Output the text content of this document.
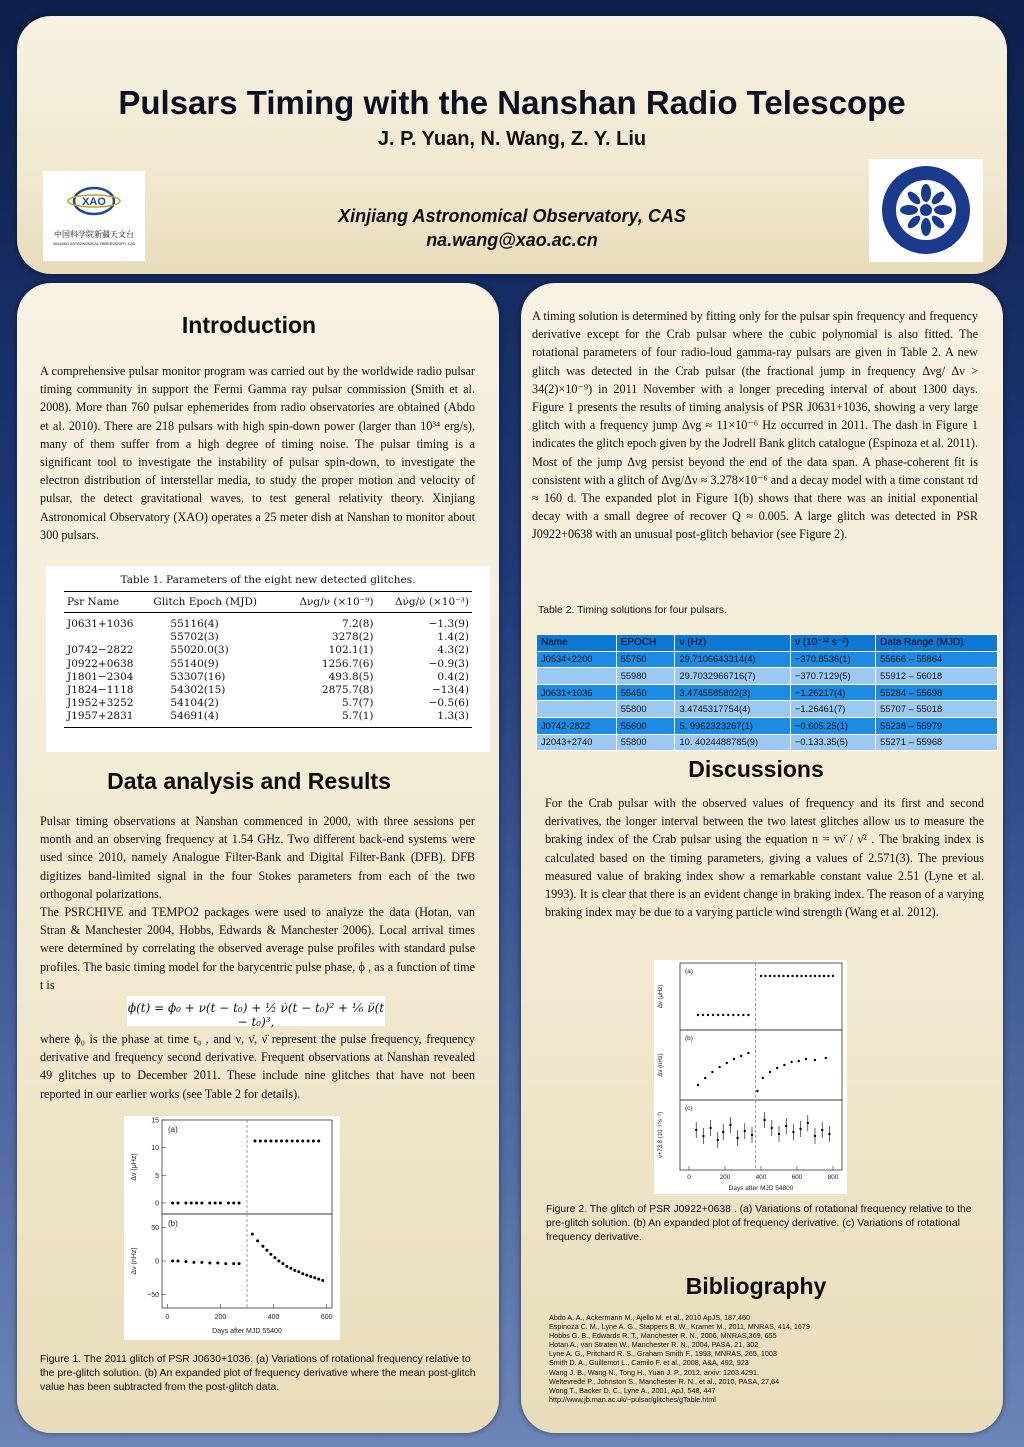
Pulsars Timing with the Nanshan Radio Telescope
J. P. Yuan, N. Wang, Z. Y. Liu
Xinjiang Astronomical Observatory, CAS
na.wang@xao.ac.cn
XAO
中国科学院新疆天文台
XINJIANG ASTRONOMICAL OBSERVATORY, CAS
Introduction

A comprehensive pulsar monitor program was carried out by the worldwide radio pulsar timing community in support the Fermi Gamma ray pulsar commission (Smith et al. 2008). More than 760 pulsar ephemerides from radio observatories are obtained (Abdo et al. 2010). There are 218 pulsars with high spin-down power (larger than 10³⁴ erg/s), many of them suffer from a high degree of timing noise. The pulsar timing is a significant tool to investigate the instability of pulsar spin-down, to investigate the electron distribution of interstellar media, to study the proper motion and velocity of pulsar, the detect gravitational waves, to test general relativity theory. Xinjiang Astronomical Observatory (XAO) operates a 25 meter dish at Nanshan to monitor about 300 pulsars.

Table 1. Parameters of the eight new detected glitches.
Psr Name	Glitch Epoch (MJD)	Δνg/ν (×10⁻⁹)	Δν̇g/ν̇ (×10⁻³)
J0631+1036	55116(4)	7.2(8)	−1.3(9)
	55702(3)	3278(2)	1.4(2)
J0742−2822	55020.0(3)	102.1(1)	4.3(2)
J0922+0638	55140(9)	1256.7(6)	−0.9(3)
J1801−2304	53307(16)	493.8(5)	0.4(2)
J1824−1118	54302(15)	2875.7(8)	−13(4)
J1952+3252	54104(2)	5.7(7)	−0.5(6)
J1957+2831	54691(4)	5.7(1)	1.3(3)
Data analysis and Results

Pulsar timing observations at Nanshan commenced in 2000, with three sessions per month and an observing frequency at 1.54 GHz. Two different back-end systems were used since 2010, namely Analogue Filter-Bank and Digital Filter-Bank (DFB). DFB digitizes band-limited signal in the four Stokes parameters from each of the two orthogonal polarizations.

The PSRCHIVE and TEMPO2 packages were used to analyze the data (Hotan, van Stran & Manchester 2004, Hobbs, Edwards & Manchester 2006). Local arrival times were determined by correlating the observed average pulse profiles with standard pulse profiles. The basic timing model for the barycentric pulse phase, ϕ , as a function of time t is

ϕ(t) = ϕ₀ + ν(t − t₀) + ½ ν̇(t − t₀)² + ⅙ ν̈(t − t₀)³,

where ϕ₀ is the phase at time t₀ , and ν, ν̇, ν̈ represent the pulse frequency, frequency derivative and frequency second derivative. Frequent observations at Nanshan revealed 49 glitches up to December 2011. These include nine glitches that have not been reported in our earlier works (see Table 2 for details).

15
10
5
0
(a)
Δν (μHz)
50
0
−50
(b)
Δν (nHz)
0	200	400	600
Days after MJD 55400
Figure 1. The 2011 glitch of PSR J0630+1036. (a) Variations of rotational frequency relative to the pre-glitch solution. (b) An expanded plot of frequency derivative where the mean post-glitch value has been subtracted from the post-glitch data.

A timing solution is determined by fitting only for the pulsar spin frequency and frequency derivative except for the Crab pulsar where the cubic polynomial is also fitted. The rotational parameters of four radio-loud gamma-ray pulsars are given in Table 2. A new glitch was detected in the Crab pulsar (the fractional jump in frequency Δνg/ Δν > 34(2)×10⁻⁹) in 2011 November with a longer preceding interval of about 1300 days. Figure 1 presents the results of timing analysis of PSR J0631+1036, showing a very large glitch with a frequency jump Δνg ≈ 11×10⁻⁶ Hz occurred in 2011. The dash in Figure 1 indicates the glitch epoch given by the Jodrell Bank glitch catalogue (Espinoza et al. 2011). Most of the jump Δνg persist beyond the end of the data span. A phase-coherent fit is consistent with a glitch of Δνg/Δν ≈ 3.278×10⁻⁶ and a decay model with a time constant τd ≈ 160 d. The expanded plot in Figure 1(b) shows that there was an initial exponential decay with a small degree of recover Q ≈ 0.005. A large glitch was detected in PSR J0922+0638 with an unusual post-glitch behavior (see Figure 2).

Table 2. Timing solutions for four pulsars.
Name	EPOCH	ν (Hz)	ν̇ (10⁻¹² s⁻²)	Data Range (MJD)
J0534+2200	55750	29.7106643314(4)	−370.8536(1)	55666 – 55864
	55980	29.7032966716(7)	−370.7129(5)	55912 – 56018
J0631+1036	55450	3.4745585802(3)	−1.26217(4)	55284 – 55698
	55800	3.4745317754(4)	−1.26461(7)	55707 – 55018
J0742-2822	55600	5. 9962323267(1)	−0.605.25(1)	55238 – 55979
J2043+2740	55800	10. 4024488785(9)	−0.133.35(5)	55271 – 55968
Discussions

For the Crab pulsar with the observed values of frequency and its first and second derivatives, the longer interval between the two latest glitches allow us to measure the braking index of the Crab pulsar using the equation n = νν̈ / ν̇² . The braking index is calculated based on the timing parameters, giving a values of 2.571(3). The previous measured value of braking index show a remarkable constant value 2.51 (Lyne et al. 1993). It is clear that there is an evident change in braking index. The reason of a varying braking index may be due to a varying particle wind strength (Wang et al. 2012).

(a)
Δν (μHz)
(b)
Δν (nHz)
(c)
ν̇+73.8 (10⁻¹⁵s⁻²)
0	200	400	600	800
Days after MJD 54800
Figure 2. The glitch of PSR J0922+0638 . (a) Variations of rotational frequency relative to the pre-glitch solution. (b) An expanded plot of frequency derivative. (c) Variations of rotational frequency derivative.
Bibliography
Abdo A. A., Ackermann M., Ajello M. et al., 2010 ApJS, 187,460
Espinoza C. M., Lyne A. G., Stappers B. W., Kramer M., 2011, MNRAS, 414, 1679
Hobbs G. B., Edwards R. T., Manchester R. N., 2006, MNRAS,369, 655
Hotan A., van Straten W., Manchester R. N., 2004, PASA, 21, 302
Lyne A. G., Pritchard R. S., Graham Smith F., 1993, MNRAS, 265, 1003
Smith D. A., Guillemot L., Camilo F. et al., 2008, A&A, 492, 923
Wang J. B., Wang N., Tong H., Yuan J. P., 2012, arxiv: 1203.4291.
Weltevrede P., Johnston S., Manchester R. N., et al., 2010, PASA, 27,64
Wong T., Backer D. C., Lyne A., 2001, ApJ, 548, 447
http://www.jb.man.ac.uk/~pulsar/glitches/gTable.html
